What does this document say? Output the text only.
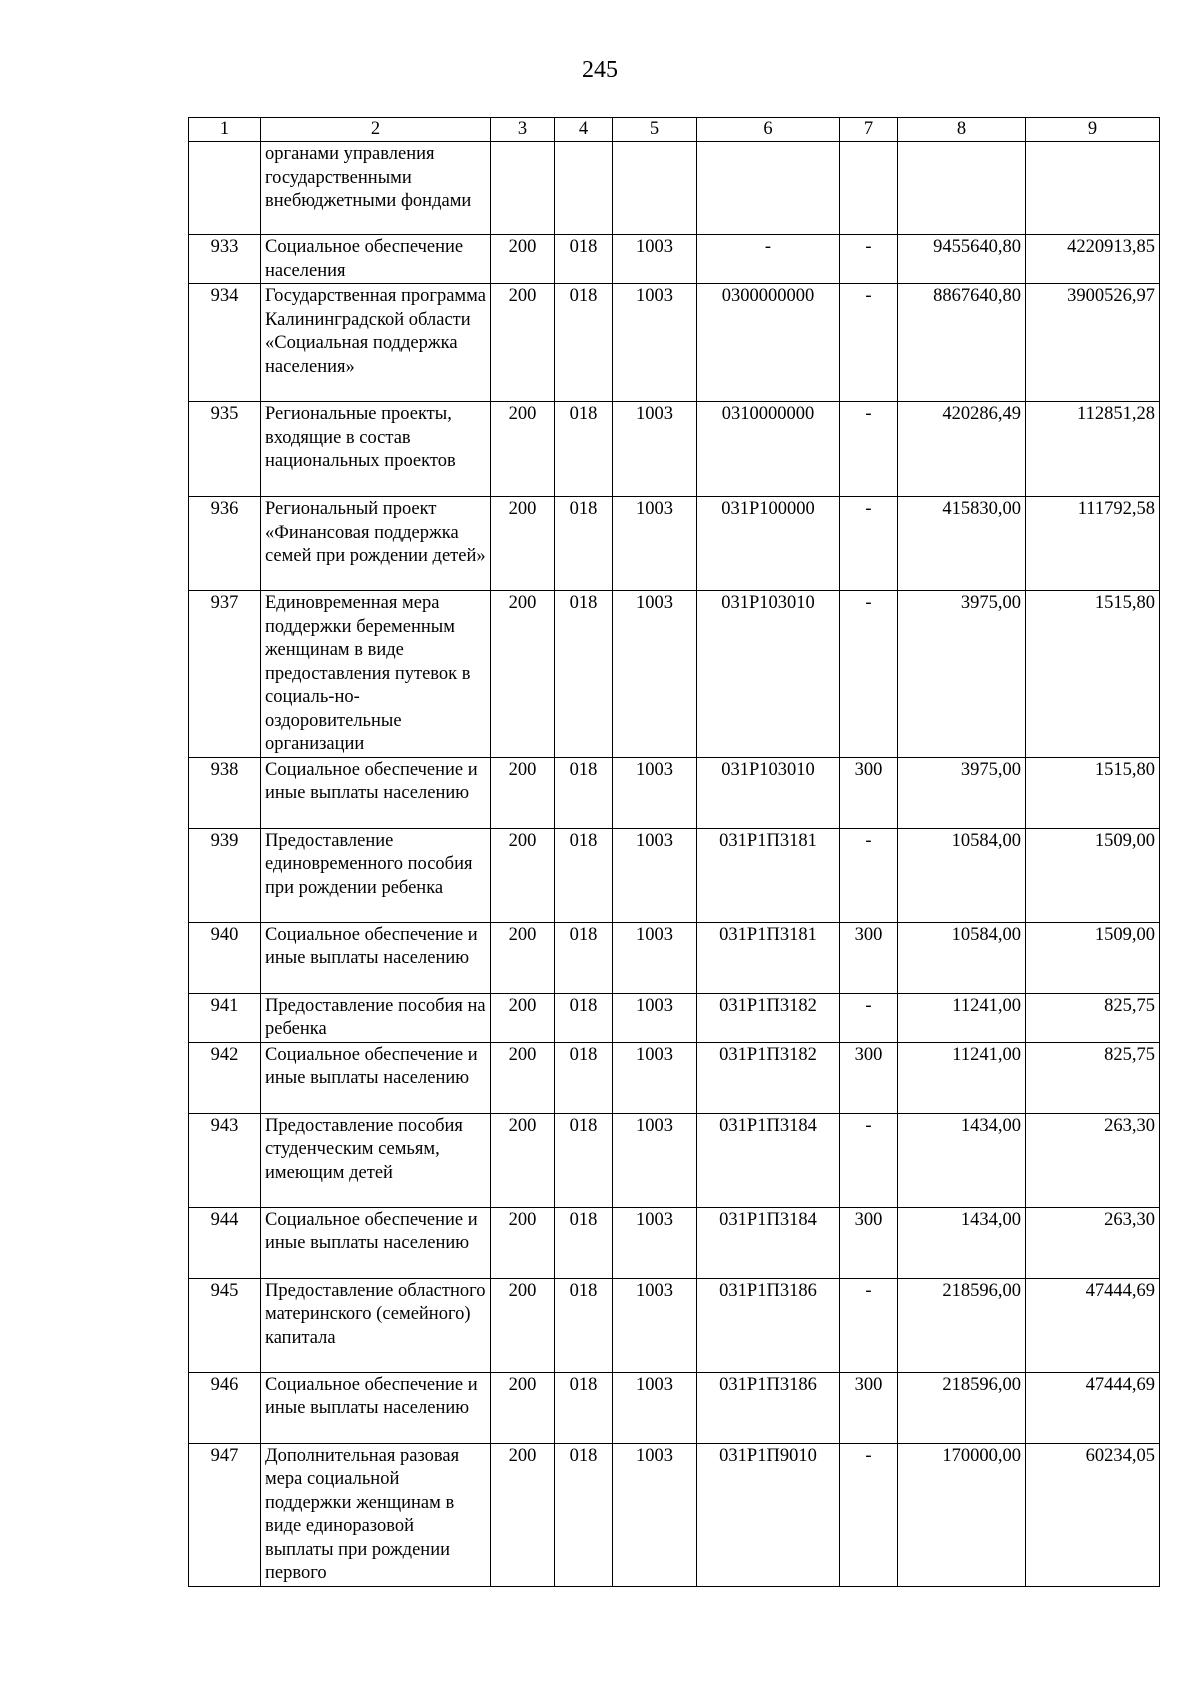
245
1	2	3	4	5	6	7	8	9
	органами управления государственными внебюджетными фондами							
933	Социальное обеспечение населения	200	018	1003	-	-	9455640,80	4220913,85
934	Государственная программа Калининградской области «Социальная поддержка населения»	200	018	1003	0300000000	-	8867640,80	3900526,97
935	Региональные проекты, входящие в состав национальных проектов	200	018	1003	0310000000	-	420286,49	112851,28
936	Региональный проект «Финансовая поддержка семей при рождении детей»	200	018	1003	031P100000	-	415830,00	111792,58
937	Единовременная мера поддержки беременным женщинам в виде предоставления путевок в социаль-но-оздоровительные организации	200	018	1003	031P103010	-	3975,00	1515,80
938	Социальное обеспечение и иные выплаты населению	200	018	1003	031P103010	300	3975,00	1515,80
939	Предоставление единовременного пособия при рождении ребенка	200	018	1003	031P1П3181	-	10584,00	1509,00
940	Социальное обеспечение и иные выплаты населению	200	018	1003	031P1П3181	300	10584,00	1509,00
941	Предоставление пособия на ребенка	200	018	1003	031P1П3182	-	11241,00	825,75
942	Социальное обеспечение и иные выплаты населению	200	018	1003	031P1П3182	300	11241,00	825,75
943	Предоставление пособия студенческим семьям, имеющим детей	200	018	1003	031P1П3184	-	1434,00	263,30
944	Социальное обеспечение и иные выплаты населению	200	018	1003	031P1П3184	300	1434,00	263,30
945	Предоставление областного материнского (семейного) капитала	200	018	1003	031P1П3186	-	218596,00	47444,69
946	Социальное обеспечение и иные выплаты населению	200	018	1003	031P1П3186	300	218596,00	47444,69
947	Дополнительная разовая мера социальной поддержки женщинам в виде единоразовой выплаты при рождении первого	200	018	1003	031P1П9010	-	170000,00	60234,05
